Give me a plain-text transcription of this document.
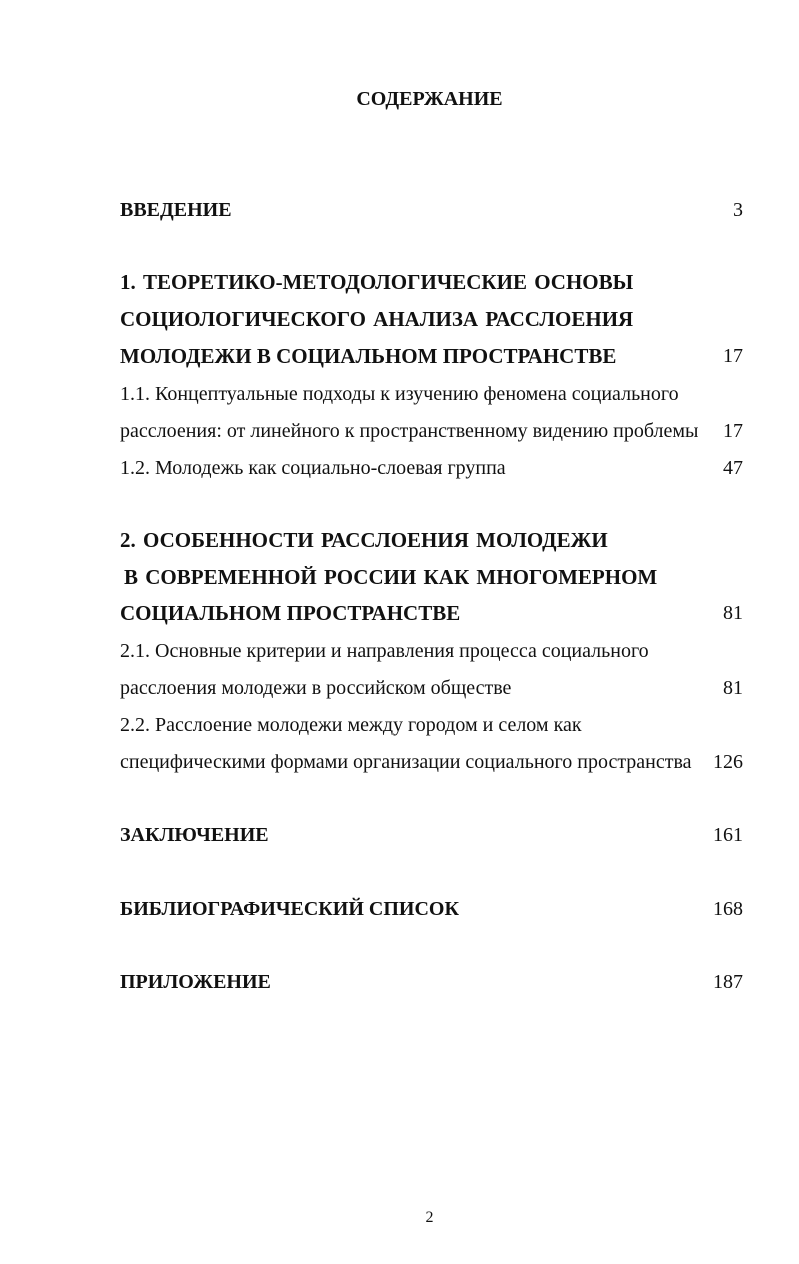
СОДЕРЖАНИЕ
ВВЕДЕНИЕ	3
1. ТЕОРЕТИКО-МЕТОДОЛОГИЧЕСКИЕ ОСНОВЫ
СОЦИОЛОГИЧЕСКОГО АНАЛИЗА РАССЛОЕНИЯ
МОЛОДЕЖИ В СОЦИАЛЬНОМ ПРОСТРАНСТВЕ	17
1.1. Концептуальные подходы к изучению феномена социального
расслоения: от линейного к пространственному видению проблемы 17
1.2. Молодежь как социально-слоевая группа	47
2. ОСОБЕННОСТИ РАССЛОЕНИЯ МОЛОДЕЖИ
В СОВРЕМЕННОЙ РОССИИ КАК МНОГОМЕРНОМ
СОЦИАЛЬНОМ ПРОСТРАНСТВЕ	81
2.1. Основные критерии и направления процесса социального
расслоения молодежи в российском обществе	81
2.2. Расслоение молодежи между городом и селом как
специфическими формами организации социального пространства 126
ЗАКЛЮЧЕНИЕ	161
БИБЛИОГРАФИЧЕСКИЙ СПИСОК	168
ПРИЛОЖЕНИЕ	187
2
